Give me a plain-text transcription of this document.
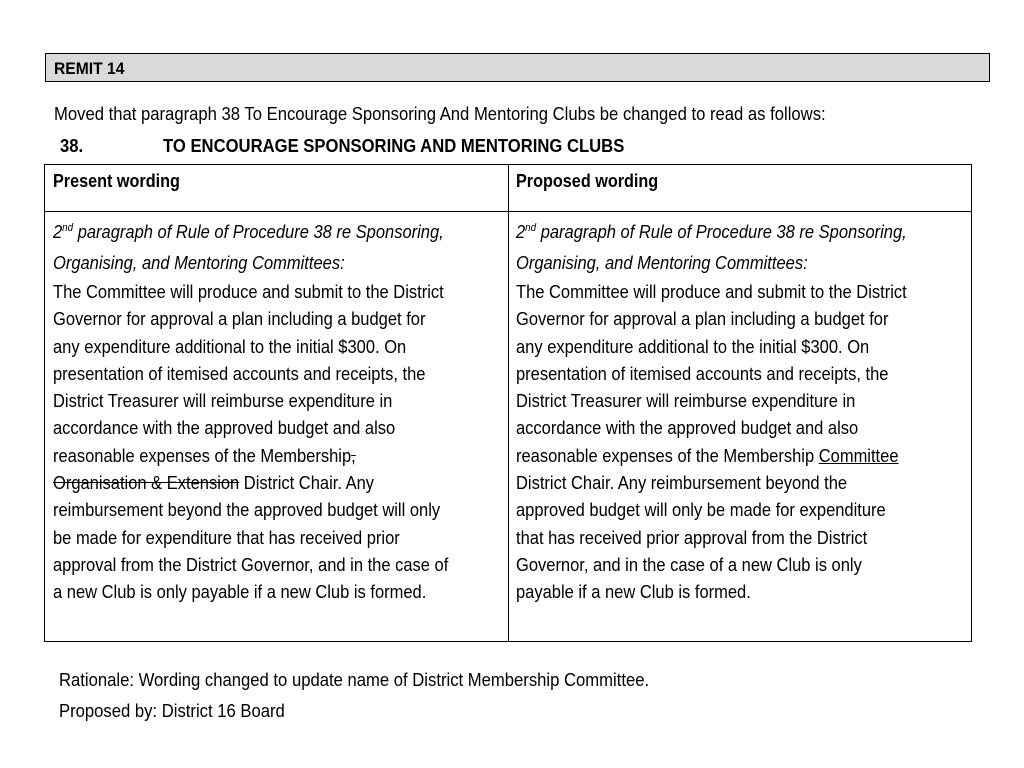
REMIT 14
Moved that paragraph 38 To Encourage Sponsoring And Mentoring Clubs be changed to read as follows:
38.	TO ENCOURAGE SPONSORING AND MENTORING CLUBS
Present wording	Proposed wording
2nd paragraph of Rule of Procedure 38 re Sponsoring,
Organising, and Mentoring Committees:
The Committee will produce and submit to the District
Governor for approval a plan including a budget for
any expenditure additional to the initial $300. On
presentation of itemised accounts and receipts, the
District Treasurer will reimburse expenditure in
accordance with the approved budget and also
reasonable expenses of the Membership,
Organisation & Extension District Chair. Any
reimbursement beyond the approved budget will only
be made for expenditure that has received prior
approval from the District Governor, and in the case of
a new Club is only payable if a new Club is formed.
2nd paragraph of Rule of Procedure 38 re Sponsoring,
Organising, and Mentoring Committees:
The Committee will produce and submit to the District
Governor for approval a plan including a budget for
any expenditure additional to the initial $300. On
presentation of itemised accounts and receipts, the
District Treasurer will reimburse expenditure in
accordance with the approved budget and also
reasonable expenses of the Membership Committee
District Chair. Any reimbursement beyond the
approved budget will only be made for expenditure
that has received prior approval from the District
Governor, and in the case of a new Club is only
payable if a new Club is formed.
Rationale: Wording changed to update name of District Membership Committee.
Proposed by: District 16 Board
